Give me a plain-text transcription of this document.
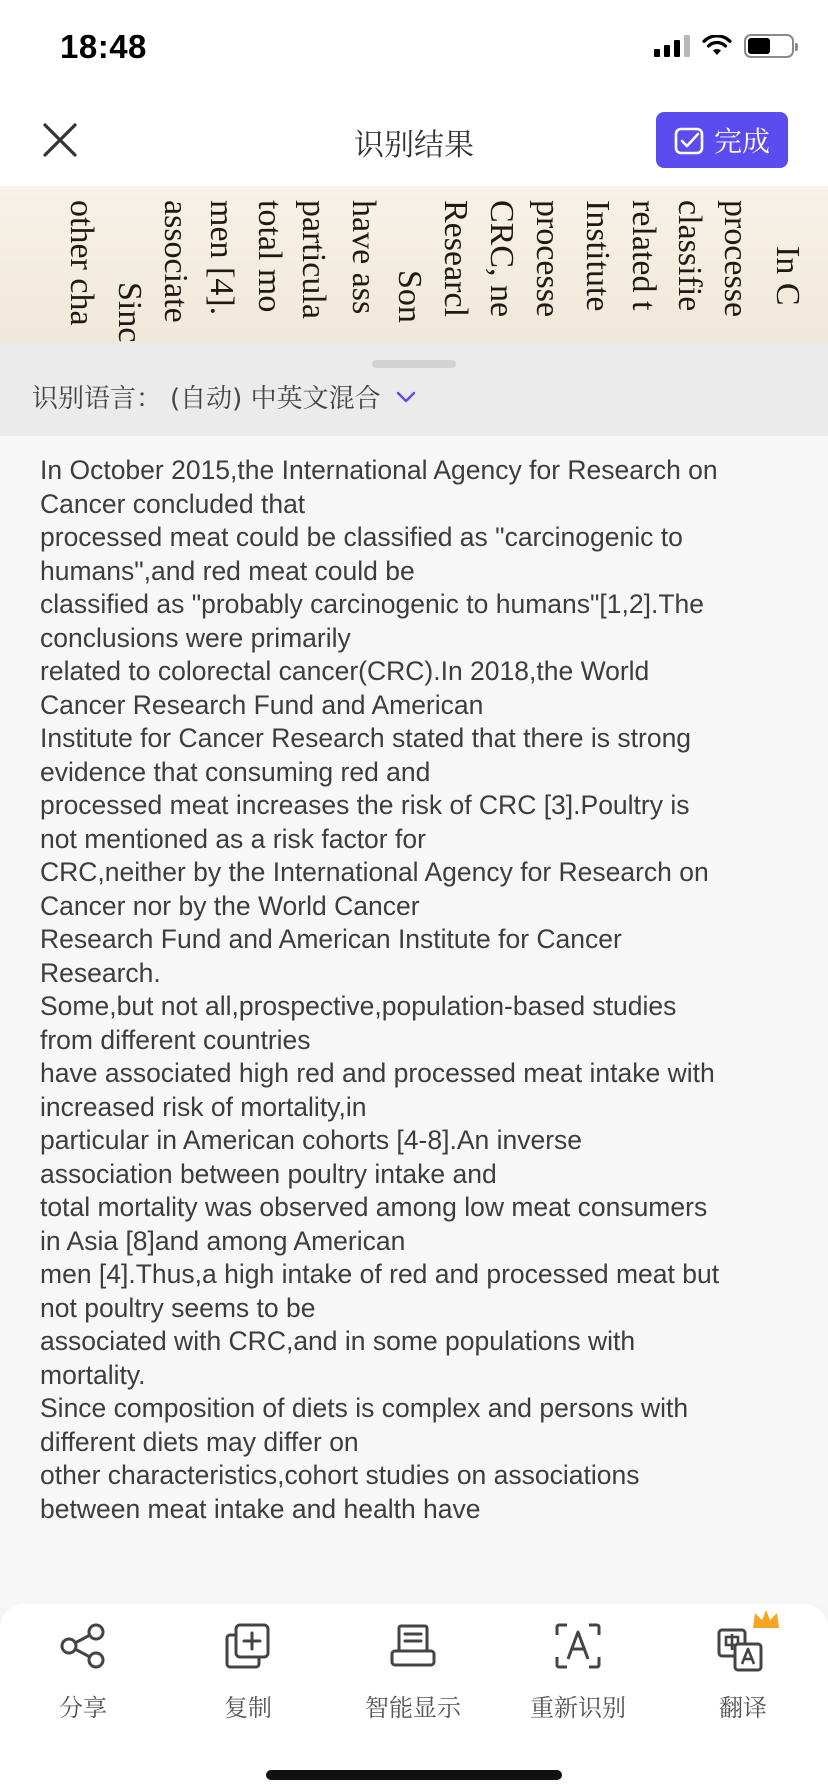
18:48
识别结果	完成
In C
processe
classifie
related t
Institute
processe
CRC, ne
Researcl
Son
have ass
particula
total mo
men [4].
associate
Sinc
other cha
识别语言： (自动) 中英文混合
In October 2015,the International Agency for Research on
Cancer concluded that
processed meat could be classified as "carcinogenic to
humans",and red meat could be
classified as "probably carcinogenic to humans"[1,2].The
conclusions were primarily
related to colorectal cancer(CRC).In 2018,the World
Cancer Research Fund and American
Institute for Cancer Research stated that there is strong
evidence that consuming red and
processed meat increases the risk of CRC [3].Poultry is
not mentioned as a risk factor for
CRC,neither by the International Agency for Research on
Cancer nor by the World Cancer
Research Fund and American Institute for Cancer
Research.
Some,but not all,prospective,population-based studies
from different countries
have associated high red and processed meat intake with
increased risk of mortality,in
particular in American cohorts [4-8].An inverse
association between poultry intake and
total mortality was observed among low meat consumers
in Asia [8]and among American
men [4].Thus,a high intake of red and processed meat but
not poultry seems to be
associated with CRC,and in some populations with
mortality.
Since composition of diets is complex and persons with
different diets may differ on
other characteristics,cohort studies on associations
between meat intake and health have
分享	复制	智能显示	重新识别	翻译
